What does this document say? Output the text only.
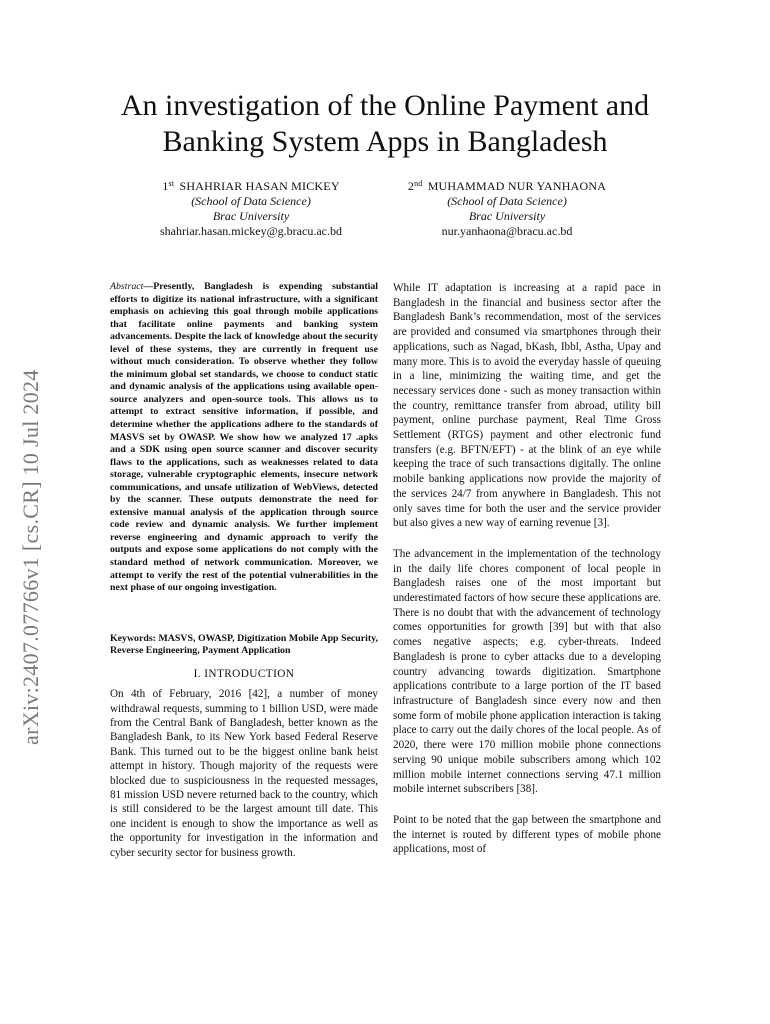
arXiv:2407.07766v1 [cs.CR] 10 Jul 2024
An investigation of the Online Payment and Banking System Apps in Bangladesh
1st SHAHRIAR HASAN MICKEY
(School of Data Science)
Brac University
shahriar.hasan.mickey@g.bracu.ac.bd
2nd MUHAMMAD NUR YANHAONA
(School of Data Science)
Brac University
nur.yanhaona@bracu.ac.bd

Abstract—Presently, Bangladesh is expending substantial efforts to digitize its national infrastructure, with a significant emphasis on achieving this goal through mobile applications that facilitate online payments and banking system advancements. Despite the lack of knowledge about the security level of these systems, they are currently in frequent use without much consideration. To observe whether they follow the minimum global set standards, we choose to conduct static and dynamic analysis of the applications using available open-source analyzers and open-source tools. This allows us to attempt to extract sensitive information, if possible, and determine whether the applications adhere to the standards of MASVS set by OWASP. We show how we analyzed 17 .apks and a SDK using open source scanner and discover security flaws to the applications, such as weaknesses related to data storage, vulnerable cryptographic elements, insecure network communications, and unsafe utilization of WebViews, detected by the scanner. These outputs demonstrate the need for extensive manual analysis of the application through source code review and dynamic analysis. We further implement reverse engineering and dynamic approach to verify the outputs and expose some applications do not comply with the standard method of network communication. Moreover, we attempt to verify the rest of the potential vulnerabilities in the next phase of our ongoing investigation.

Keywords: MASVS, OWASP, Digitization Mobile App Security, Reverse Engineering, Payment Application

I. INTRODUCTION

On 4th of February, 2016 [42], a number of money withdrawal requests, summing to 1 billion USD, were made from the Central Bank of Bangladesh, better known as the Bangladesh Bank, to its New York based Federal Reserve Bank. This turned out to be the biggest online bank heist attempt in history. Though majority of the requests were blocked due to suspiciousness in the requested messages, 81 mission USD nevere returned back to the country, which is still considered to be the largest amount till date. This one incident is enough to show the importance as well as the opportunity for investigation in the information and cyber security sector for business growth.

While IT adaptation is increasing at a rapid pace in Bangladesh in the financial and business sector after the Bangladesh Bank’s recommendation, most of the services are provided and consumed via smartphones through their applications, such as Nagad, bKash, Ibbl, Astha, Upay and many more. This is to avoid the everyday hassle of queuing in a line, minimizing the waiting time, and get the necessary services done - such as money transaction within the country, remittance transfer from abroad, utility bill payment, online purchase payment, Real Time Gross Settlement (RTGS) payment and other electronic fund transfers (e.g. BFTN/EFT) - at the blink of an eye while keeping the trace of such transactions digitally. The online mobile banking applications now provide the majority of the services 24/7 from anywhere in Bangladesh. This not only saves time for both the user and the service provider but also gives a new way of earning revenue [3].

The advancement in the implementation of the technology in the daily life chores component of local people in Bangladesh raises one of the most important but underestimated factors of how secure these applications are. There is no doubt that with the advancement of technology comes opportunities for growth [39] but with that also comes negative aspects; e.g. cyber-threats. Indeed Bangladesh is prone to cyber attacks due to a developing country advancing towards digitization. Smartphone applications contribute to a large portion of the IT based infrastructure of Bangladesh since every now and then some form of mobile phone application interaction is taking place to carry out the daily chores of the local people. As of 2020, there were 170 million mobile phone connections serving 90 unique mobile subscribers among which 102 million mobile internet connections serving 47.1 million mobile internet subscribers [38].

Point to be noted that the gap between the smartphone and the internet is routed by different types of mobile phone applications, most of
